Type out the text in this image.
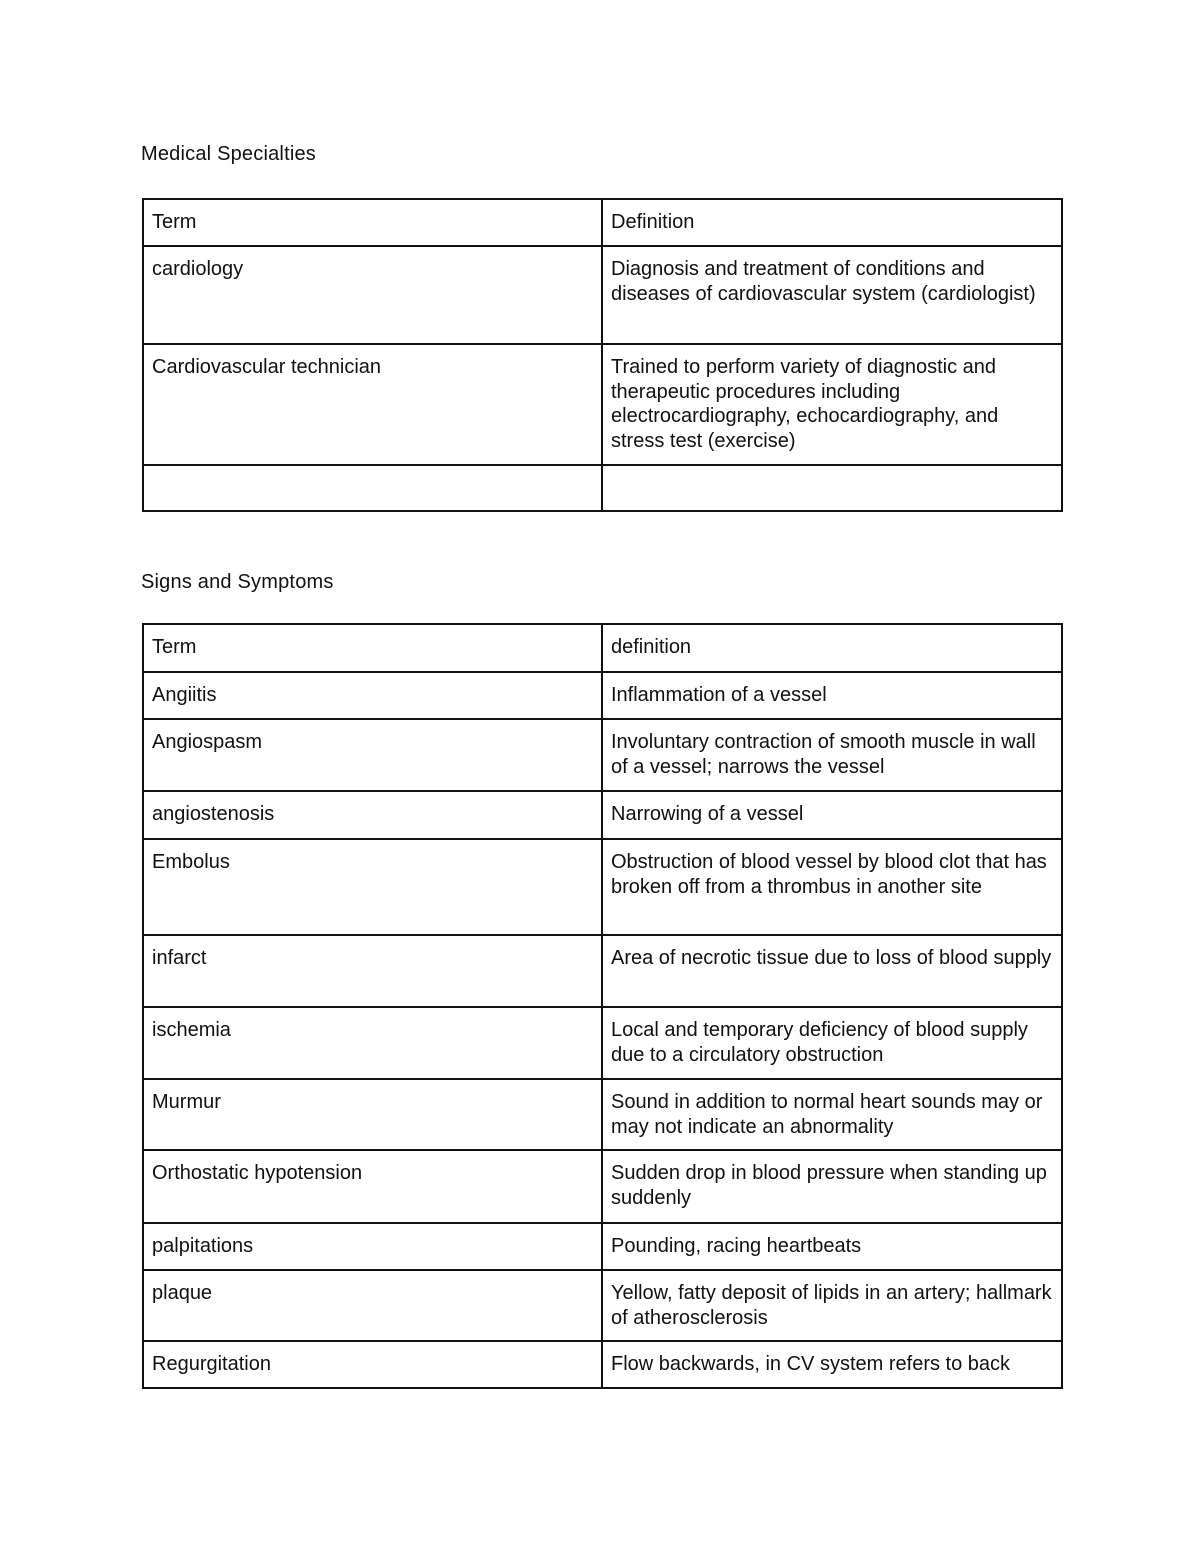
Medical Specialties
Term	Definition
cardiology	Diagnosis and treatment of conditions and diseases of cardiovascular system (cardiologist)
Cardiovascular technician	Trained to perform variety of diagnostic and therapeutic procedures including electrocardiography, echocardiography, and stress test (exercise)

Signs and Symptoms
Term	definition
Angiitis	Inflammation of a vessel
Angiospasm	Involuntary contraction of smooth muscle in wall of a vessel; narrows the vessel
angiostenosis	Narrowing of a vessel
Embolus	Obstruction of blood vessel by blood clot that has broken off from a thrombus in another site
infarct	Area of necrotic tissue due to loss of blood supply
ischemia	Local and temporary deficiency of blood supply due to a circulatory obstruction
Murmur	Sound in addition to normal heart sounds may or may not indicate an abnormality
Orthostatic hypotension	Sudden drop in blood pressure when standing up suddenly
palpitations	Pounding, racing heartbeats
plaque	Yellow, fatty deposit of lipids in an artery; hallmark of atherosclerosis
Regurgitation	Flow backwards, in CV system refers to back
